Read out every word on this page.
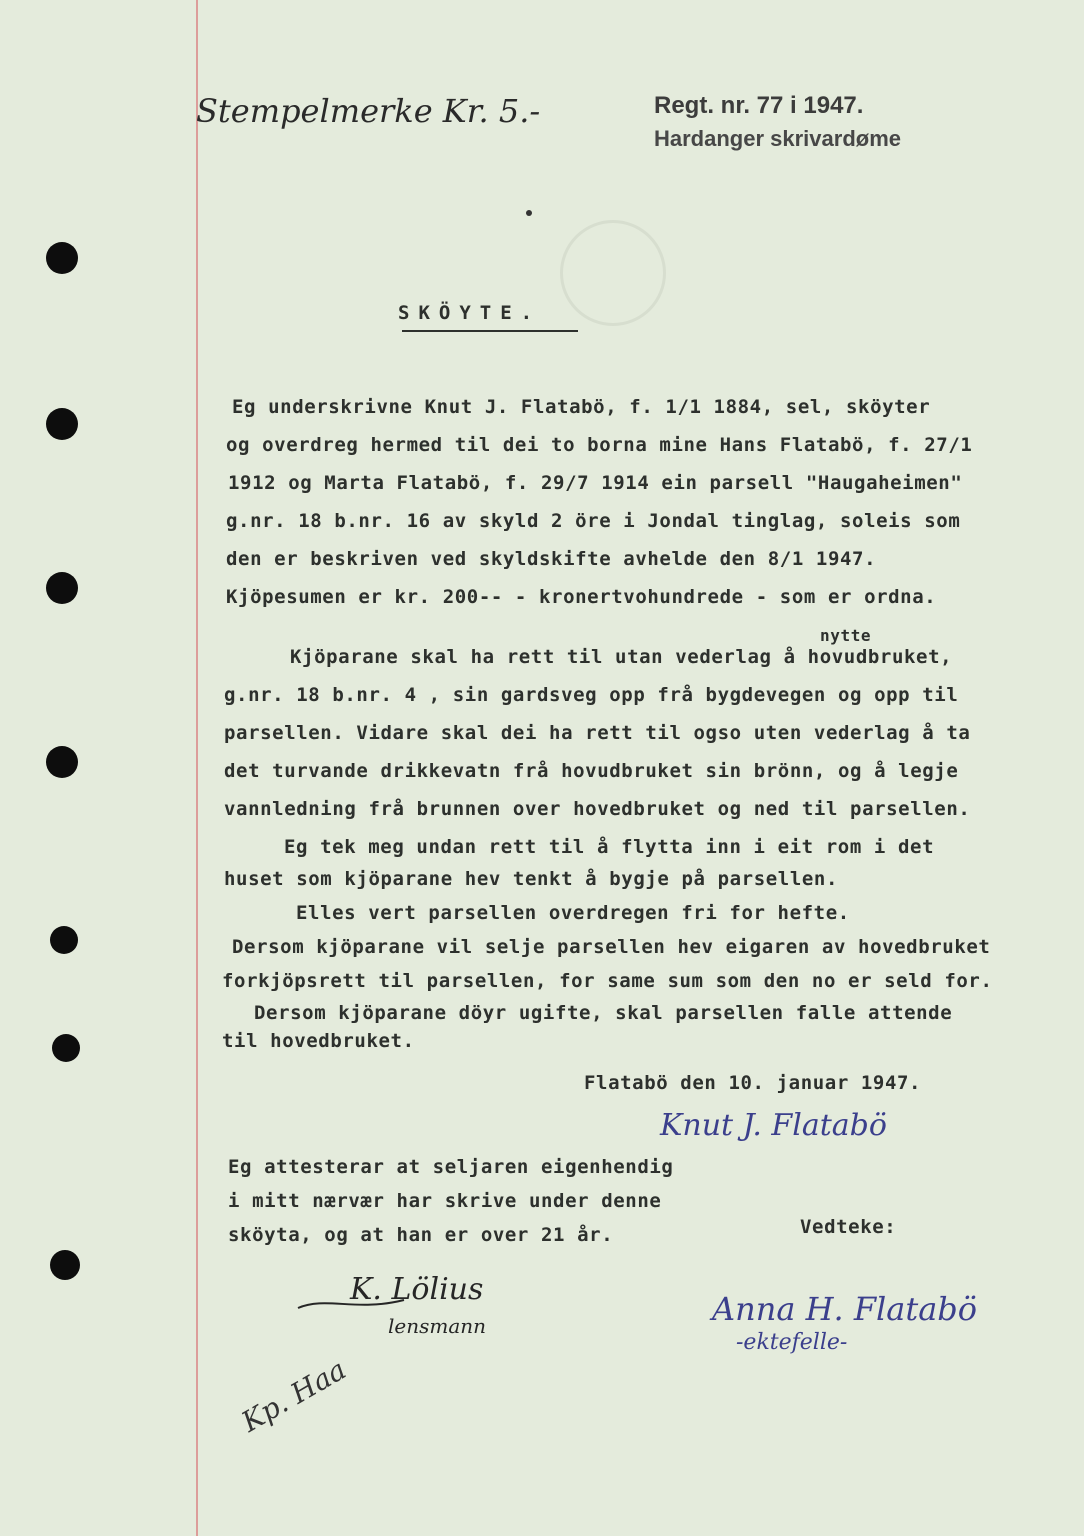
Stempelmerke Kr. 5.-	Regt. nr. 77 i 1947.
Hardanger skrivardøme
SKÖYTE.
Eg underskrivne Knut J. Flatabö, f. 1/1 1884, sel, sköyter
og overdreg hermed til dei to borna mine Hans Flatabö, f. 27/1
1912 og Marta Flatabö, f. 29/7 1914 ein parsell "Haugaheimen"
g.nr. 18 b.nr. 16 av skyld 2 öre i Jondal tinglag, soleis som
den er beskriven ved skyldskifte avhelde den 8/1 1947.
Kjöpesumen er kr. 200-- - kronertvohundrede - som er ordna.
nytte
Kjöparane skal ha rett til utan vederlag å hovudbruket,
g.nr. 18 b.nr. 4 , sin gardsveg opp frå bygdevegen og opp til
parsellen. Vidare skal dei ha rett til ogso uten vederlag å ta
det turvande drikkevatn frå hovudbruket sin brönn, og å legje
vannledning frå brunnen over hovedbruket og ned til parsellen.
Eg tek meg undan rett til å flytta inn i eit rom i det
huset som kjöparane hev tenkt å bygje på parsellen.
Elles vert parsellen overdregen fri for hefte.
Dersom kjöparane vil selje parsellen hev eigaren av hovedbruket
forkjöpsrett til parsellen, for same sum som den no er seld for.
Dersom kjöparane döyr ugifte, skal parsellen falle attende
til hovedbruket.
Flatabö den 10. januar 1947.
Knut J. Flatabö
Eg attesterar at seljaren eigenhendig
i mitt nærvær har skrive under denne
sköyta, og at han er over 21 år.	Vedteke:
K. Lölius
lensmann	Anna H. Flatabö
-ektefelle-
Kp. Haa
